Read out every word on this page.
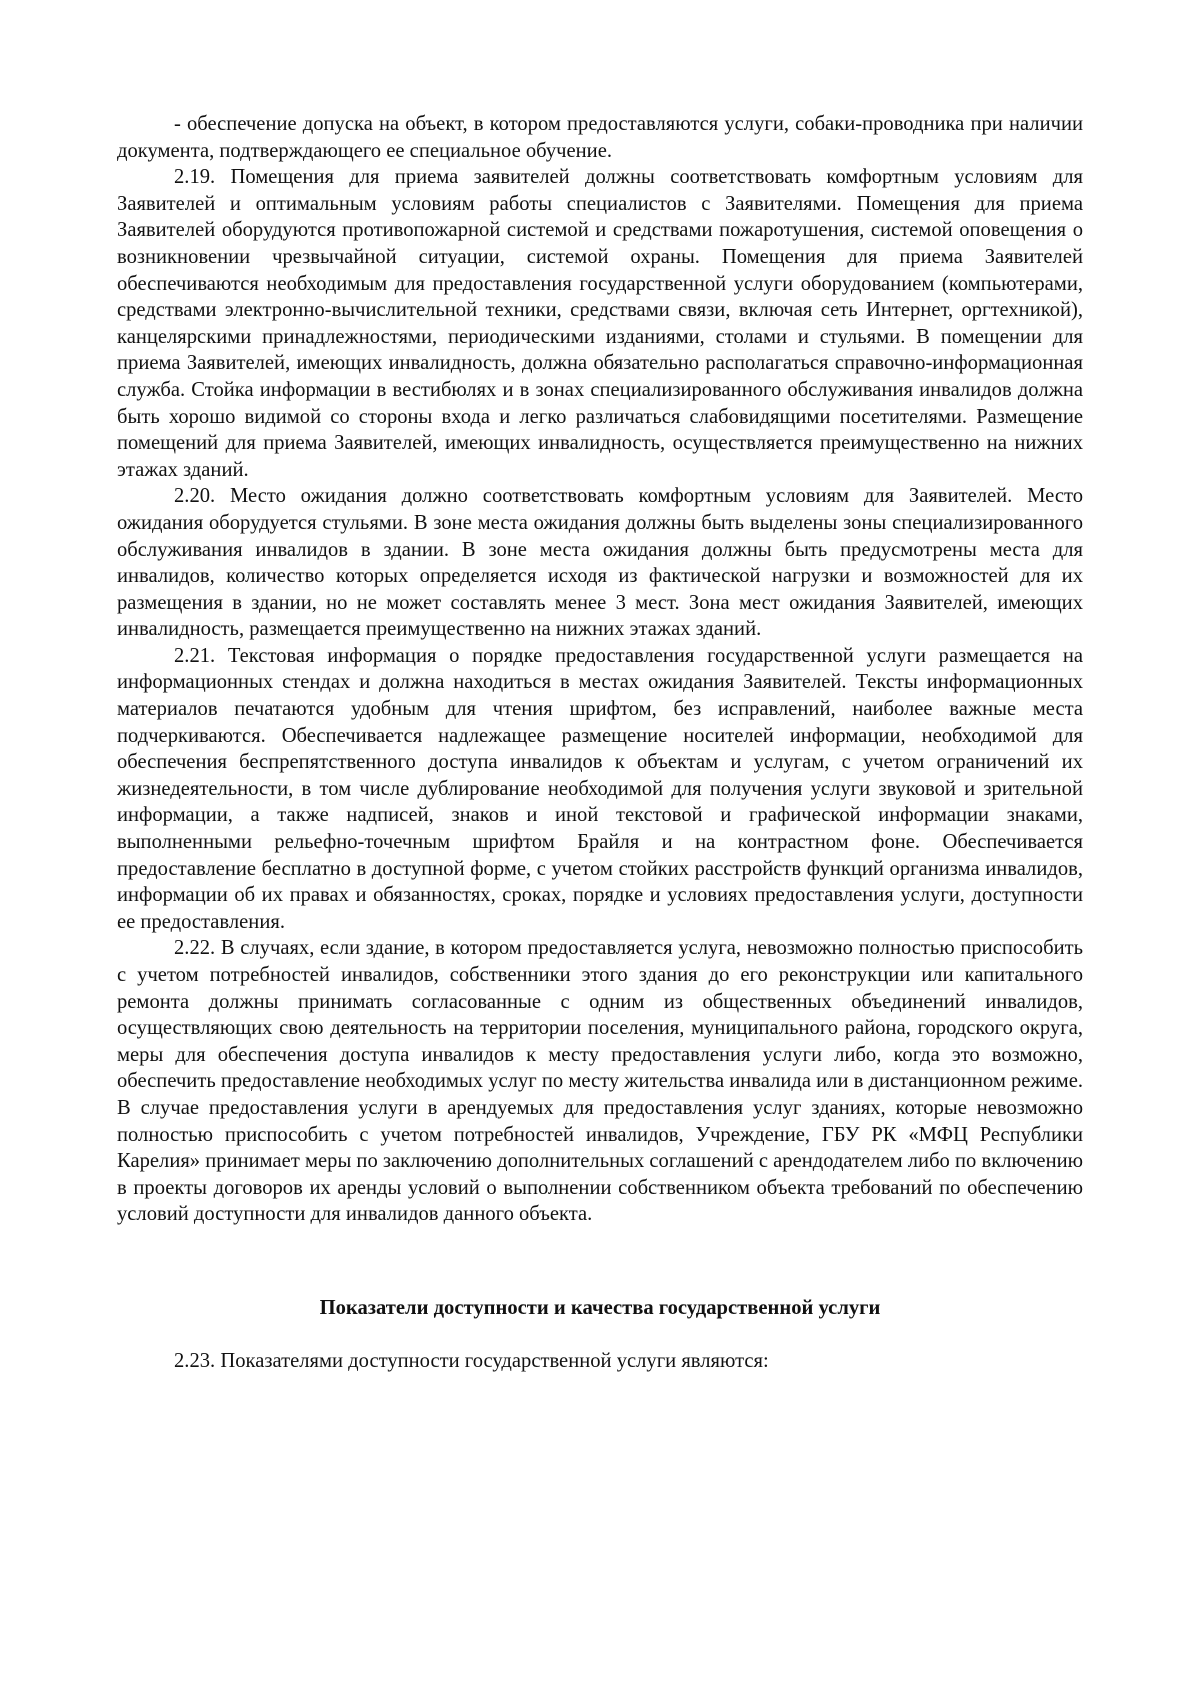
- обеспечение допуска на объект, в котором предоставляются услуги, собаки-проводника при наличии документа, подтверждающего ее специальное обучение.

2.19. Помещения для приема заявителей должны соответствовать комфортным условиям для Заявителей и оптимальным условиям работы специалистов с Заявителями. Помещения для приема Заявителей оборудуются противопожарной системой и средствами пожаротушения, системой оповещения о возникновении чрезвычайной ситуации, системой охраны. Помещения для приема Заявителей обеспечиваются необходимым для предоставления государственной услуги оборудованием (компьютерами, средствами электронно-вычислительной техники, средствами связи, включая сеть Интернет, оргтехникой), канцелярскими принадлежностями, периодическими изданиями, столами и стульями. В помещении для приема Заявителей, имеющих инвалидность, должна обязательно располагаться справочно-информационная служба. Стойка информации в вестибюлях и в зонах специализированного обслуживания инвалидов должна быть хорошо видимой со стороны входа и легко различаться слабовидящими посетителями. Размещение помещений для приема Заявителей, имеющих инвалидность, осуществляется преимущественно на нижних этажах зданий.

2.20. Место ожидания должно соответствовать комфортным условиям для Заявителей. Место ожидания оборудуется стульями. В зоне места ожидания должны быть выделены зоны специализированного обслуживания инвалидов в здании. В зоне места ожидания должны быть предусмотрены места для инвалидов, количество которых определяется исходя из фактической нагрузки и возможностей для их размещения в здании, но не может составлять менее 3 мест. Зона мест ожидания Заявителей, имеющих инвалидность, размещается преимущественно на нижних этажах зданий.

2.21. Текстовая информация о порядке предоставления государственной услуги размещается на информационных стендах и должна находиться в местах ожидания Заявителей. Тексты информационных материалов печатаются удобным для чтения шрифтом, без исправлений, наиболее важные места подчеркиваются. Обеспечивается надлежащее размещение носителей информации, необходимой для обеспечения беспрепятственного доступа инвалидов к объектам и услугам, с учетом ограничений их жизнедеятельности, в том числе дублирование необходимой для получения услуги звуковой и зрительной информации, а также надписей, знаков и иной текстовой и графической информации знаками, выполненными рельефно-точечным шрифтом Брайля и на контрастном фоне. Обеспечивается предоставление бесплатно в доступной форме, с учетом стойких расстройств функций организма инвалидов, информации об их правах и обязанностях, сроках, порядке и условиях предоставления услуги, доступности ее предоставления.

2.22. В случаях, если здание, в котором предоставляется услуга, невозможно полностью приспособить с учетом потребностей инвалидов, собственники этого здания до его реконструкции или капитального ремонта должны принимать согласованные с одним из общественных объединений инвалидов, осуществляющих свою деятельность на территории поселения, муниципального района, городского округа, меры для обеспечения доступа инвалидов к месту предоставления услуги либо, когда это возможно, обеспечить предоставление необходимых услуг по месту жительства инвалида или в дистанционном режиме. В случае предоставления услуги в арендуемых для предоставления услуг зданиях, которые невозможно полностью приспособить с учетом потребностей инвалидов, Учреждение, ГБУ РК «МФЦ Республики Карелия» принимает меры по заключению дополнительных соглашений с арендодателем либо по включению в проекты договоров их аренды условий о выполнении собственником объекта требований по обеспечению условий доступности для инвалидов данного объекта.

Показатели доступности и качества государственной услуги

2.23. Показателями доступности государственной услуги являются:
